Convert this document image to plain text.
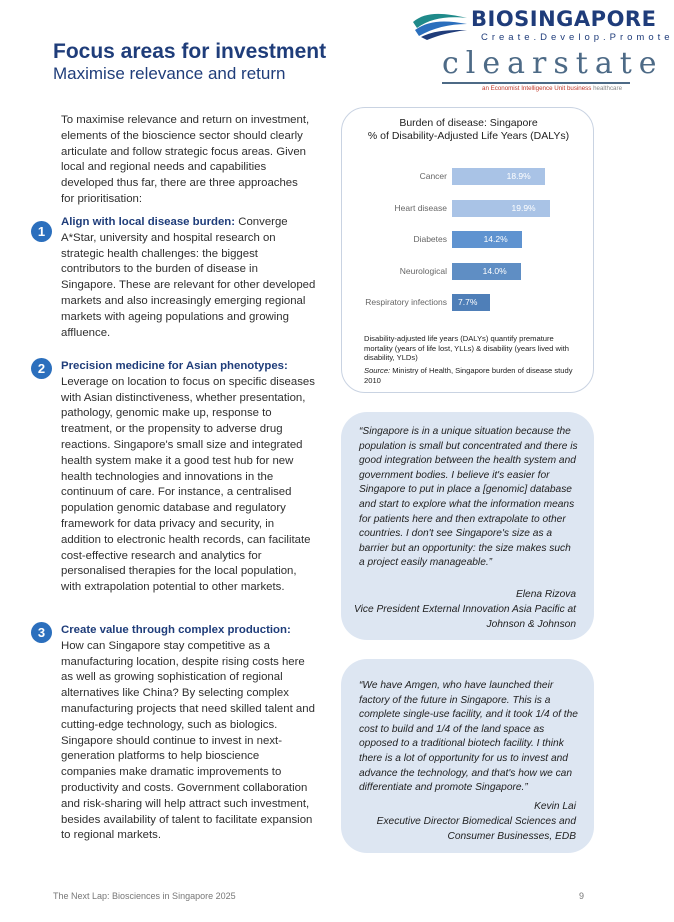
BIOSINGAPORE
Create.Develop.Promote
clearstate
an Economist Intelligence Unit business healthcare
Focus areas for investment
Maximise relevance and return
To maximise relevance and return on investment, elements of the bioscience sector should clearly articulate and follow strategic focus areas. Given local and regional needs and capabilities developed thus far, there are three approaches for prioritisation:
1
Align with local disease burden: Converge A*Star, university and hospital research on strategic health challenges: the biggest contributors to the burden of disease in Singapore. These are relevant for other developed markets and also increasingly emerging regional markets with ageing populations and growing affluence.
2	Precision medicine for Asian phenotypes: Leverage on location to focus on specific diseases with Asian distinctiveness, whether presentation, pathology, genomic make up, response to treatment, or the propensity to adverse drug reactions. Singapore's small size and integrated health system make it a good test hub for new health technologies and innovations in the continuum of care. For instance, a centralised population genomic database and regulatory framework for data privacy and security, in addition to electronic health records, can facilitate cost-effective research and analytics for personalised therapies for the local population, with extrapolation potential to other markets.
3	Create value through complex production: How can Singapore stay competitive as a manufacturing location, despite rising costs here as well as growing sophistication of regional alternatives like China? By selecting complex manufacturing projects that need skilled talent and cutting-edge technology, such as biologics. Singapore should continue to invest in next-generation platforms to help bioscience companies make dramatic improvements to productivity and costs. Government collaboration and risk-sharing will help attract such investment, besides availability of talent to facilitate expansion to regional markets.
Burden of disease: Singapore
% of Disability-Adjusted Life Years (DALYs)
Disability-adjusted life years (DALYs) quantify premature mortality (years of life lost, YLLs) & disability (years lived with disability, YLDs)
Source: Ministry of Health, Singapore burden of disease study 2010
Cancer	18.9%
Heart disease	19.9%
Diabetes	14.2%
Neurological	14.0%
Respiratory infections 7.7%
“Singapore is in a unique situation because the population is small but concentrated and there is good integration between the health system and government bodies. I believe it's easier for Singapore to put in place a [genomic] database and start to explore what the information means for patients here and then extrapolate to other countries. I don't see Singapore's size as a barrier but an opportunity: the size makes such a project easily manageable.”
Elena Rizova
Vice President External Innovation Asia Pacific at Johnson & Johnson
“We have Amgen, who have launched their factory of the future in Singapore. This is a complete single-use facility, and it took 1/4 of the cost to build and 1/4 of the land space as opposed to a traditional biotech facility. I think there is a lot of opportunity for us to invest and advance the technology, and that's how we can differentiate and promote Singapore.”
Kevin Lai
Executive Director Biomedical Sciences and Consumer Businesses, EDB
The Next Lap: Biosciences in Singapore 2025	9
